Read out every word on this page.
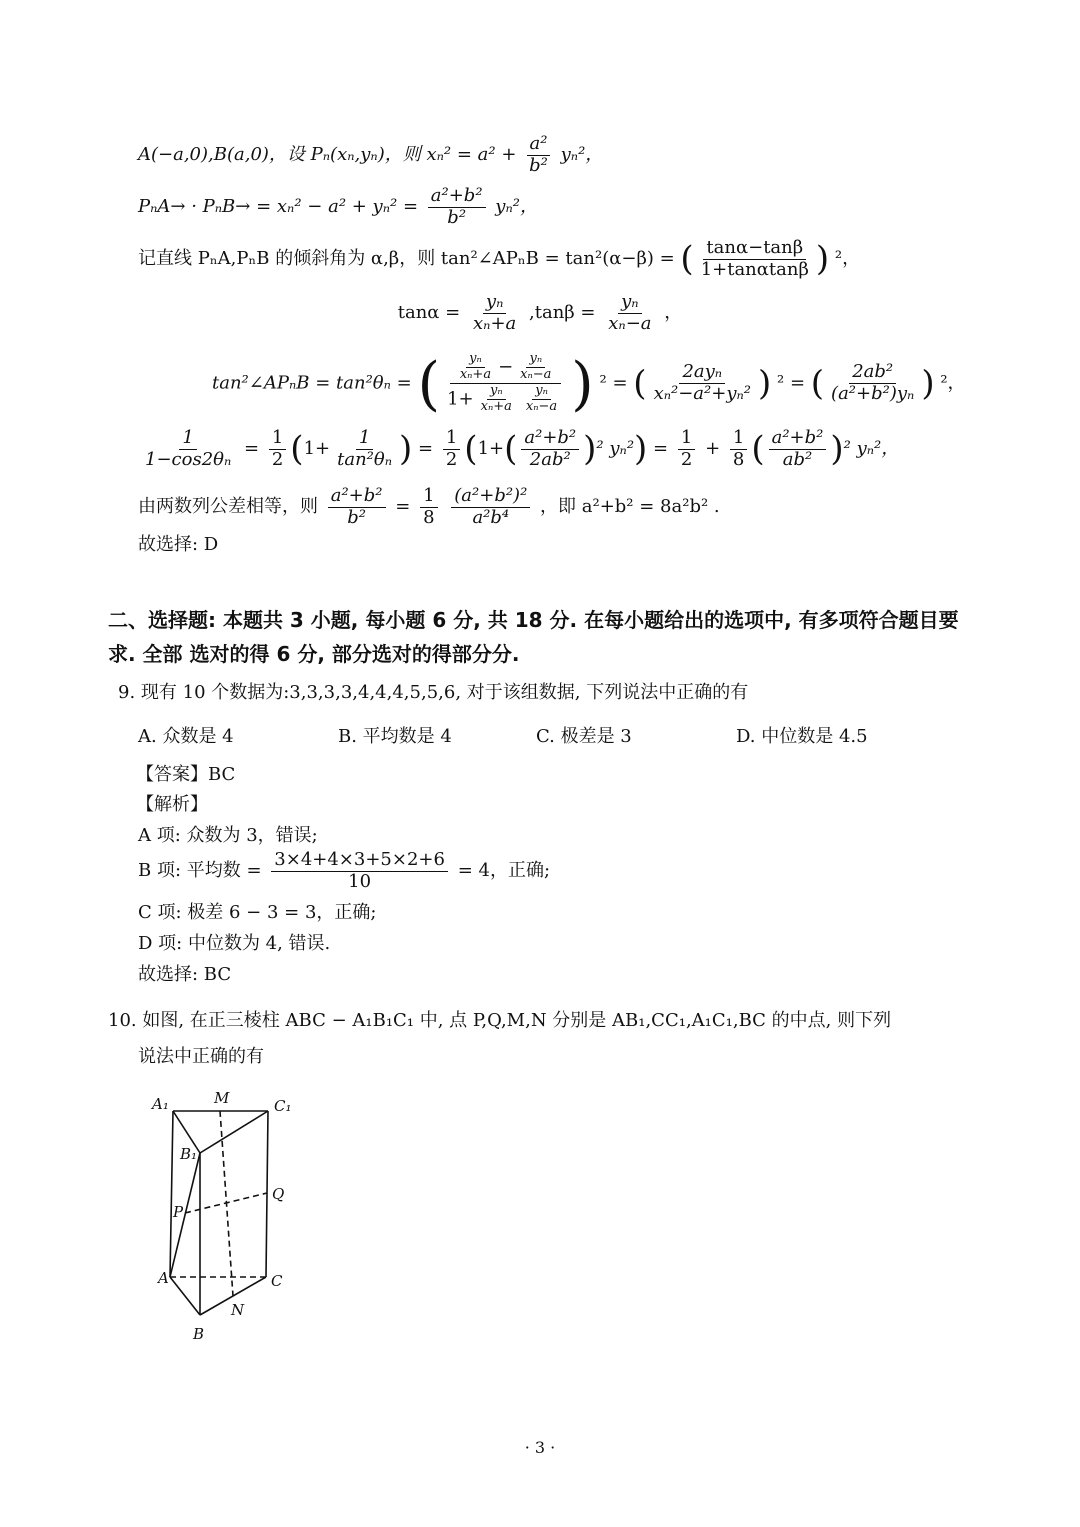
A(−a,0),B(a,0)，设 Pₙ(xₙ,yₙ)，则 $x_n^2 = a^2 + \frac{\text{a²}}{\text{b²}} y_n^2$，
$P_nA\to \cdot P_nB\to = x_n^2 - a^2 + y_n^2 = \frac{\text{a²+b²}}{\text{b²}} y_n^2$，
记直线 PₙA,PₙB 的倾斜角为 α,β，则 tan²∠APₙB = tan²(α−β) = ( $\frac{\tan\alpha-\tan\beta}{1+\tan\alpha\tan\beta}$ ) ²，
$\tan\alpha = \frac{\text{yₙ}}{\text{xₙ+a}} ,\tan\beta = \frac{\text{yₙ}}{\text{xₙ−a}}$ ，
tan²∠APₙB = tan²θₙ = ( $\frac{\frac{\text{yₙ}}{\text{xₙ+a}} - \frac{\text{yₙ}}{\text{xₙ−a}}}{1+ \frac{\text{yₙ}}{\text{xₙ+a}} \frac{\text{yₙ}}{\text{xₙ−a}}}$ ) ² = ( $\frac{\text{2ayₙ}}{\text{xₙ²−a²+yₙ²}}$ ) ² = ( $\frac{\text{2ab²}}{\text{(a²+b²)yₙ}}$ ) ²，
$\frac{1}{\text{1−cos2θₙ}} = \frac{1}{2} (1+ \frac{1}{\text{tan²θₙ}}$ ) = $\frac{1}{2} (1+( \frac{\text{a²+b²}}{\text{2ab²}} )^2$ $y_n^2) = \frac{1}{2} + \frac{1}{8}$ ( $\frac{\text{a²+b²}}{\text{ab²}} )^2$ yₙ²，
由两数列公差相等，则 $\frac{\text{a²+b²}}{\text{b²}} = \frac{1}{8}$
$\frac{\text{(a²+b²)²}}{\text{a²b⁴}}$ ，即 a²+b² = 8a²b² .
故选择: D
二、选择题: 本题共 3 小题, 每小题 6 分, 共 18 分. 在每小题给出的选项中, 有多项符合题目要
求. 全部 选对的得 6 分, 部分选对的得部分分.
9. 现有 10 个数据为:3,3,3,3,4,4,4,5,5,6, 对于该组数据, 下列说法中正确的有
A. 众数是 4	B. 平均数是 4	C. 极差是 3	D. 中位数是 4.5
【答案】BC
【解析】
A 项: 众数为 3，错误;
B 项: 平均数 = $\frac{3\times 4+4\times 3+5\times 2+6}{10} = 4$，正确;
C 项: 极差 6 − 3 = 3，正确;
D 项: 中位数为 4, 错误.
故选择: BC
10. 如图, 在正三棱柱 ABC − A₁B₁C₁ 中, 点 P,Q,M,N 分别是 AB₁,CC₁,A₁C₁,BC 的中点, 则下列
说法中正确的有
A₁	M	C₁
B₁
Q
P
A	C
N
B
· 3 ·
